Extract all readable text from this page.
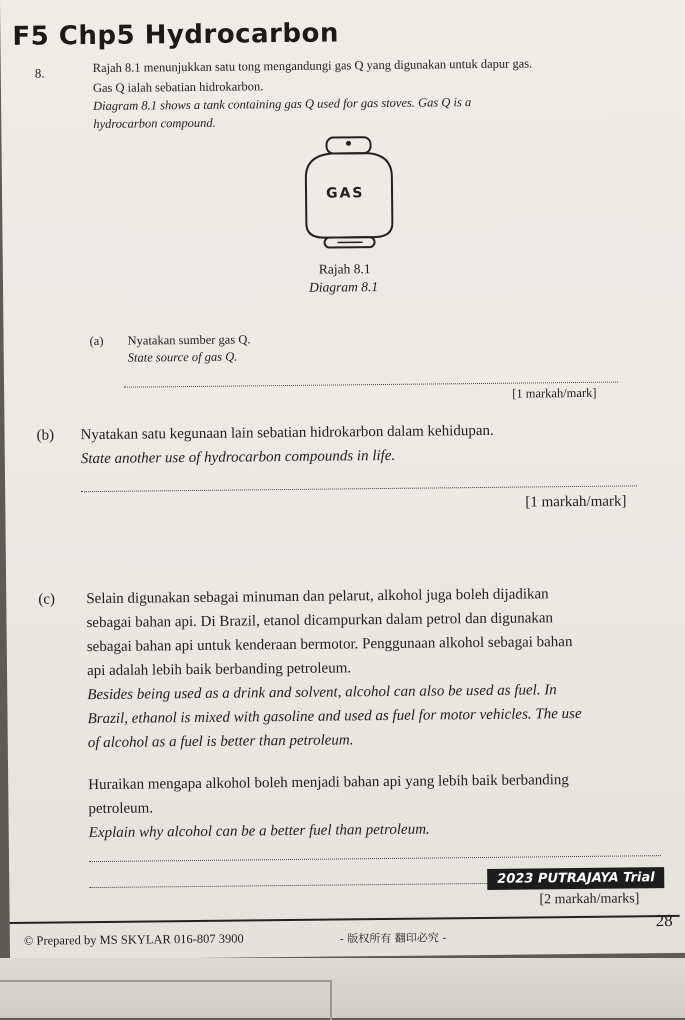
F5 Chp5 Hydrocarbon
8.	Rajah 8.1 menunjukkan satu tong mengandungi gas Q yang digunakan untuk dapur gas.
Gas Q ialah sebatian hidrokarbon.
Diagram 8.1 shows a tank containing gas Q used for gas stoves. Gas Q is a
hydrocarbon compound.
GAS
Rajah 8.1
Diagram 8.1
(a) Nyatakan sumber gas Q.
State source of gas Q.
[1 markah/mark]
(b) Nyatakan satu kegunaan lain sebatian hidrokarbon dalam kehidupan.
State another use of hydrocarbon compounds in life.
[1 markah/mark]
(c) Selain digunakan sebagai minuman dan pelarut, alkohol juga boleh dijadikan
sebagai bahan api. Di Brazil, etanol dicampurkan dalam petrol dan digunakan
sebagai bahan api untuk kenderaan bermotor. Penggunaan alkohol sebagai bahan
api adalah lebih baik berbanding petroleum.
Besides being used as a drink and solvent, alcohol can also be used as fuel. In
Brazil, ethanol is mixed with gasoline and used as fuel for motor vehicles. The use
of alcohol as a fuel is better than petroleum.
Huraikan mengapa alkohol boleh menjadi bahan api yang lebih baik berbanding
petroleum.
Explain why alcohol can be a better fuel than petroleum.
2023 PUTRAJAYA Trial
[2 markah/marks]
© Prepared by MS SKYLAR 016-807 3900	- 版权所有 翻印必究 -
28
